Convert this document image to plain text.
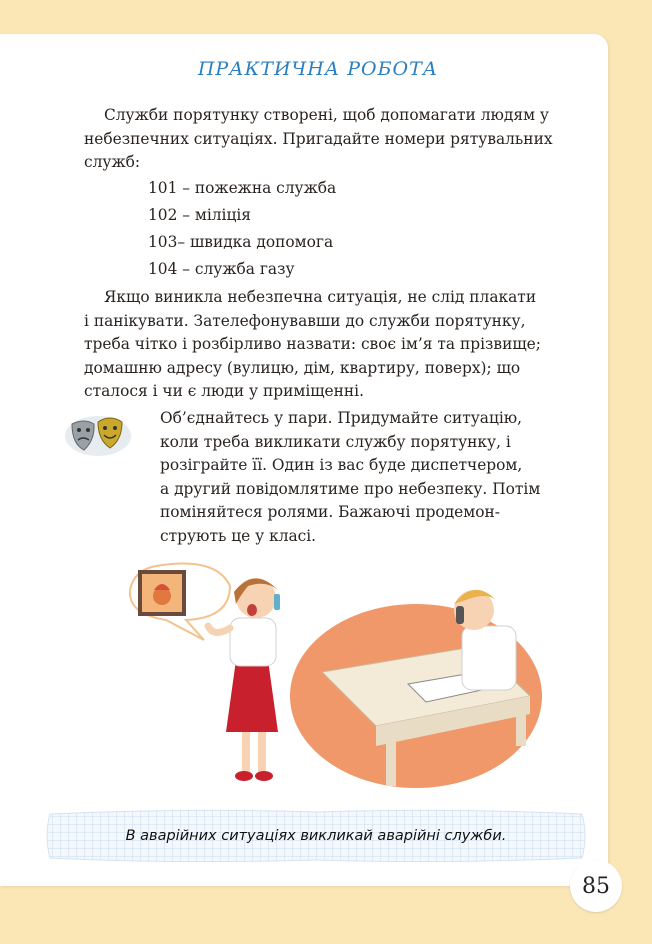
ПРАКТИЧНА РОБОТА
Служби порятунку створені, щоб допомагати людям у
небезпечних ситуаціях. Пригадайте номери рятувальних
служб:
101 – пожежна служба
102 – міліція
103– швидка допомога
104 – служба газу
Якщо виникла небезпечна ситуація, не слід плакати
і панікувати. Зателефонувавши до служби порятунку,
треба чітко і розбірливо назвати: своє ім’я та прізвище;
домашню адресу (вулицю, дім, квартиру, поверх); що
сталося і чи є люди у приміщенні.
Об’єднайтесь у пари. Придумайте ситуацію,
коли треба викликати службу порятунку, і
розіграйте її. Один із вас буде диспетчером,
а другий повідомлятиме про небезпеку. Потім
поміняйтеся ролями. Бажаючі продемон-
струють це у класі.
В аварійних ситуаціях викликай аварійні служби.
85
